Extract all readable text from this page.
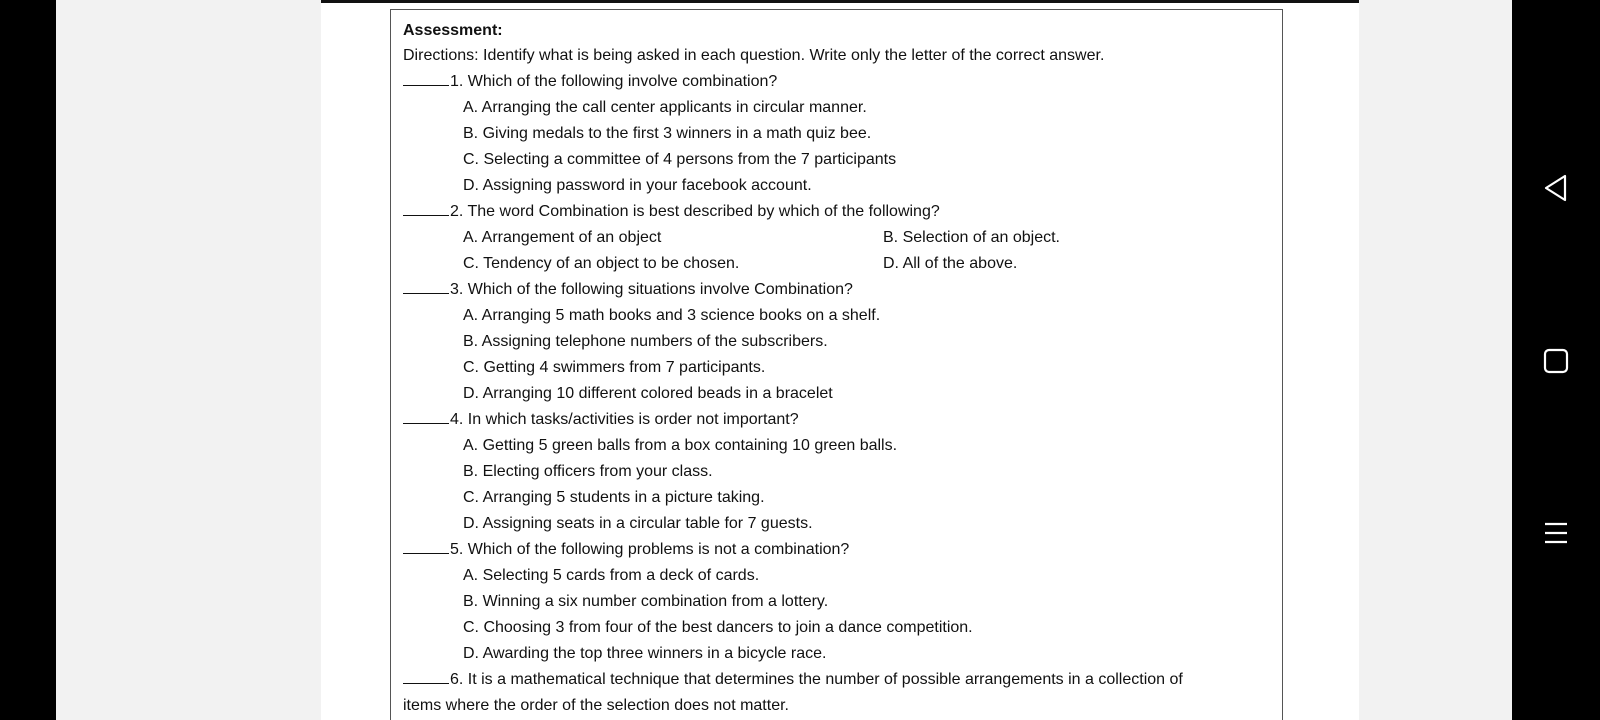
Assessment:
Directions: Identify what is being asked in each question. Write only the letter of the correct answer.
1. Which of the following involve combination?
A. Arranging the call center applicants in circular manner.
B. Giving medals to the first 3 winners in a math quiz bee.
C. Selecting a committee of 4 persons from the 7 participants
D. Assigning password in your facebook account.
2. The word Combination is best described by which of the following?
A. Arrangement of an object	B. Selection of an object.
C. Tendency of an object to be chosen.	D. All of the above.
3. Which of the following situations involve Combination?
A. Arranging 5 math books and 3 science books on a shelf.
B. Assigning telephone numbers of the subscribers.
C. Getting 4 swimmers from 7 participants.
D. Arranging 10 different colored beads in a bracelet
4. In which tasks/activities is order not important?
A. Getting 5 green balls from a box containing 10 green balls.
B. Electing officers from your class.
C. Arranging 5 students in a picture taking.
D. Assigning seats in a circular table for 7 guests.
5. Which of the following problems is not a combination?
A. Selecting 5 cards from a deck of cards.
B. Winning a six number combination from a lottery.
C. Choosing 3 from four of the best dancers to join a dance competition.
D. Awarding the top three winners in a bicycle race.
6. It is a mathematical technique that determines the number of possible arrangements in a collection of
items where the order of the selection does not matter.
